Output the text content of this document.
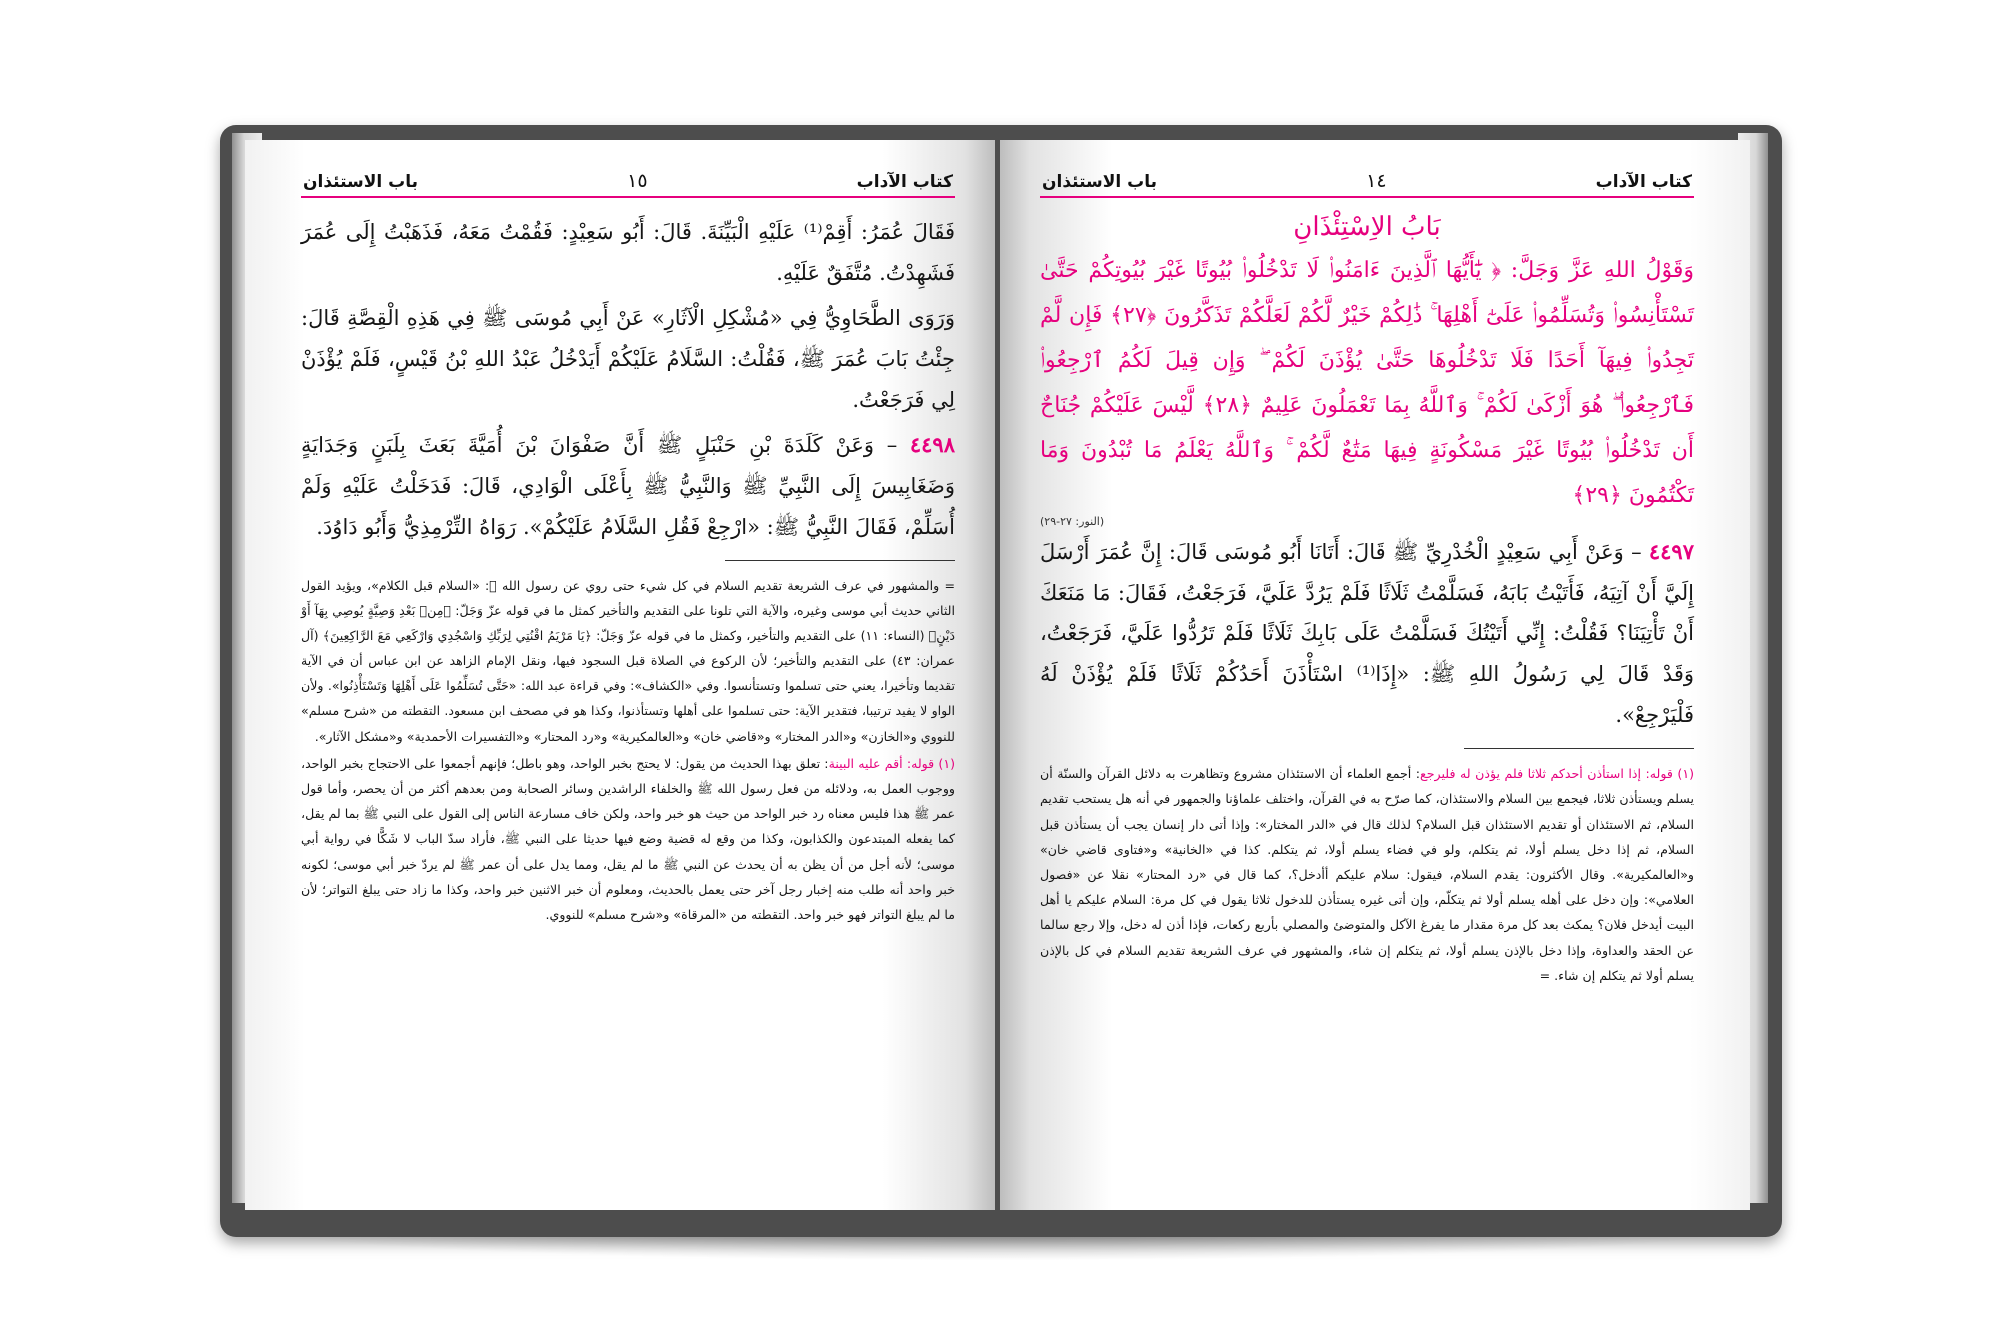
كتاب الآداب
١٥
باب الاستئذان

فَقَالَ عُمَرُ: أَقِمْ⁽¹⁾ عَلَيْهِ الْبَيِّنَةَ. قَالَ: أَبُو سَعِيْدٍ: فَقُمْتُ مَعَهُ، فَذَهَبْتُ إِلَى عُمَرَ فَشَهِدْتُ. مُتَّفَقٌ عَلَيْهِ.

وَرَوَى الطَّحَاوِيُّ فِي «مُشْكِلِ الْآثَارِ» عَنْ أَبِي مُوسَى ﷺ فِي هَذِهِ الْقِصَّةِ قَالَ: جِئْتُ بَابَ عُمَرَ ﷺ، فَقُلْتُ: السَّلَامُ عَلَيْكُمْ أَيَدْخُلُ عَبْدُ اللهِ بْنُ قَيْسٍ، فَلَمْ يُؤْذَنْ لِي فَرَجَعْتُ.

٤٤٩٨ – وَعَنْ كَلَدَةَ بْنِ حَنْبَلٍ ﷺ أَنَّ صَفْوَانَ بْنَ أُمَيَّةَ بَعَثَ بِلَبَنٍ وَجَدَايَةٍ وَضَغَابِيسَ إِلَى النَّبِيِّ ﷺ وَالنَّبِيُّ ﷺ بِأَعْلَى الْوَادِي، قَالَ: فَدَخَلْتُ عَلَيْهِ وَلَمْ أُسَلِّمْ، فَقَالَ النَّبِيُّ ﷺ: «ارْجِعْ فَقُلِ السَّلَامُ عَلَيْكُمْ». رَوَاهُ التِّرْمِذِيُّ وَأَبُو دَاوُدَ.

= والمشهور في عرف الشريعة تقديم السلام في كل شيء حتى روي عن رسول الله ﷺ: «السلام قبل الكلام»، ويؤيد القول الثاني حديث أبي موسى وغيره، والآية التي تلونا على التقديم والتأخير كمثل ما في قوله عزّ وَجَلّ: ﴿مِنۢ بَعْدِ وَصِيَّةٍ يُوصِي بِهَآ أَوْ دَيْنٍ﴾ (النساء: ١١) على التقديم والتأخير، وكمثل ما في قوله عزّ وَجَلّ: ﴿يَا مَرْيَمُ اقْنُتِي لِرَبِّكِ وَاسْجُدِي وَارْكَعِي مَعَ الرَّاكِعِينَ﴾ (آل عمران: ٤٣) على التقديم والتأخير؛ لأن الركوع في الصلاة قبل السجود فيها، ونقل الإمام الزاهد عن ابن عباس أن في الآية تقديما وتأخيرا، يعني حتى تسلموا وتستأنسوا. وفي «الكشاف»: وفي قراءة عبد الله: «حَتَّى تُسَلِّمُوا عَلَى أَهْلِهَا وَتَسْتَأْذِنُوا». ولأن الواو لا يفيد ترتيبا، فتقدير الآية: حتى تسلموا على أهلها وتستأذنوا، وكذا هو في مصحف ابن مسعود. التقطته من «شرح مسلم» للنووي و«الخازن» و«الدر المختار» و«قاضي خان» و«العالمكيرية» و«رد المحتار» و«التفسيرات الأحمدية» و«مشكل الآثار».

(١) قوله: أقم عليه البينة: تعلق بهذا الحديث من يقول: لا يحتج بخبر الواحد، وهو باطل؛ فإنهم أجمعوا على الاحتجاج بخبر الواحد، ووجوب العمل به، ودلائله من فعل رسول الله ﷺ والخلفاء الراشدين وسائر الصحابة ومن بعدهم أكثر من أن يحصر، وأما قول عمر ﷺ هذا فليس معناه رد خبر الواحد من حيث هو خبر واحد، ولكن خاف مسارعة الناس إلى القول على النبي ﷺ بما لم يقل، كما يفعله المبتدعون والكذابون، وكذا من وقع له قضية وضع فيها حديثا على النبي ﷺ، فأراد سدّ الباب لا شَكًّا في رواية أبي موسى؛ لأنه أجل من أن يظن به أن يحدث عن النبي ﷺ ما لم يقل، ومما يدل على أن عمر ﷺ لم يردّ خبر أبي موسى؛ لكونه خبر واحد أنه طلب منه إخبار رجل آخر حتى يعمل بالحديث، ومعلوم أن خبر الاثنين خبر واحد، وكذا ما زاد حتى يبلغ التواتر؛ لأن ما لم يبلغ التواتر فهو خبر واحد. التقطته من «المرقاة» و«شرح مسلم» للنووي.

كتاب الآداب
١٤
باب الاستئذان
بَابُ الاِسْتِئْذَانِ

وَقَوْلُ اللهِ عَزَّ وَجَلَّ: ﴿ يَٰٓأَيُّهَا ٱلَّذِينَ ءَامَنُوا۟ لَا تَدْخُلُوا۟ بُيُوتًا غَيْرَ بُيُوتِكُمْ حَتَّىٰ تَسْتَأْنِسُوا۟ وَتُسَلِّمُوا۟ عَلَىٰٓ أَهْلِهَا ۚ ذَٰلِكُمْ خَيْرٌ لَّكُمْ لَعَلَّكُمْ تَذَكَّرُونَ ﴿٢٧﴾ فَإِن لَّمْ تَجِدُوا۟ فِيهَآ أَحَدًا فَلَا تَدْخُلُوهَا حَتَّىٰ يُؤْذَنَ لَكُمْ ۖ وَإِن قِيلَ لَكُمُ ٱرْجِعُوا۟ فَٱرْجِعُوا۟ ۖ هُوَ أَزْكَىٰ لَكُمْ ۚ وَٱللَّهُ بِمَا تَعْمَلُونَ عَلِيمٌ ﴿٢٨﴾ لَّيْسَ عَلَيْكُمْ جُنَاحٌ أَن تَدْخُلُوا۟ بُيُوتًا غَيْرَ مَسْكُونَةٍ فِيهَا مَتَٰعٌ لَّكُمْ ۚ وَٱللَّهُ يَعْلَمُ مَا تُبْدُونَ وَمَا تَكْتُمُونَ ﴿٢٩﴾

(النور: ٢٧-٢٩)

٤٤٩٧ – وَعَنْ أَبِي سَعِيْدٍ الْخُدْرِيِّ ﷺ قَالَ: أَتَانَا أَبُو مُوسَى قَالَ: إِنَّ عُمَرَ أَرْسَلَ إِلَيَّ أَنْ آتِيَهُ، فَأَتَيْتُ بَابَهُ، فَسَلَّمْتُ ثَلَاثًا فَلَمْ يَرُدَّ عَلَيَّ، فَرَجَعْتُ، فَقَالَ: مَا مَنَعَكَ أَنْ تَأْتِيَنَا؟ فَقُلْتُ: إِنِّي أَتَيْتُكَ فَسَلَّمْتُ عَلَى بَابِكَ ثَلَاثًا فَلَمْ تَرُدُّوا عَلَيَّ، فَرَجَعْتُ، وَقَدْ قَالَ لِي رَسُولُ اللهِ ﷺ: «إِذَا⁽¹⁾ اسْتَأْذَنَ أَحَدُكُمْ ثَلَاثًا فَلَمْ يُؤْذَنْ لَهُ فَلْيَرْجِعْ».

(١) قوله: إذا استأذن أحدكم ثلاثا فلم يؤذن له فليرجع: أجمع العلماء أن الاستئذان مشروع وتظاهرت به دلائل القرآن والسنّة أن يسلم ويستأذن ثلاثا، فيجمع بين السلام والاستئذان، كما صرّح به في القرآن، واختلف علماؤنا والجمهور في أنه هل يستحب تقديم السلام، ثم الاستئذان أو تقديم الاستئذان قبل السلام؟ لذلك قال في «الدر المختار»: وإذا أتى دار إنسان يجب أن يستأذن قبل السلام، ثم إذا دخل يسلم أولا، ثم يتكلم، ولو في فضاء يسلم أولا، ثم يتكلم. كذا في «الخانية» و«فتاوى قاضي خان» و«العالمكيرية». وقال الأكثرون: يقدم السلام، فيقول: سلام عليكم أأدخل؟، كما قال في «رد المحتار» نقلا عن «فصول العلامي»: وإن دخل على أهله يسلم أولا ثم يتكلّم، وإن أتى غيره يستأذن للدخول ثلاثا يقول في كل مرة: السلام عليكم يا أهل البيت أيدخل فلان؟ يمكث بعد كل مرة مقدار ما يفرغ الآكل والمتوضئ والمصلي بأربع ركعات، فإذا أذن له دخل، وإلا رجع سالما عن الحقد والعداوة، وإذا دخل بالإذن يسلم أولا، ثم يتكلم إن شاء، والمشهور في عرف الشريعة تقديم السلام في كل بالإذن يسلم أولا ثم يتكلم إن شاء. =
